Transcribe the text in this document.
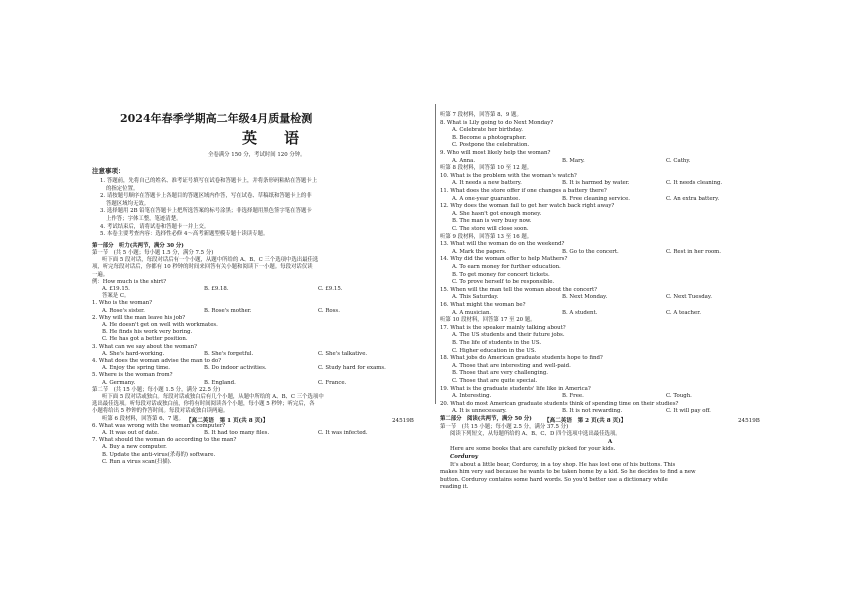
2024年春季学期高二年级4月质量检测
英　语
全卷满分 150 分，考试时间 120 分钟。
注意事项：
1. 答题前，先将自己的姓名、准考证号填写在试卷和答题卡上，并将条形码粘贴在答题卡上
的指定位置。
2. 请按题号顺序在答题卡上各题目的答题区域内作答，写在试卷、草稿纸和答题卡上的非
答题区域均无效。
3. 选择题用 2B 铅笔在答题卡上把所选答案的标号涂黑；非选择题用黑色签字笔在答题卡
上作答；字体工整，笔迹清楚。
4. 考试结束后，请将试卷和答题卡一并上交。
5. 本卷主要考查内容：选择性必修 4～高考新题型模专题十读读专题。
第一部分　听力(共两节，满分 30 分)
第一节　(共 5 小题；每小题 1.5 分，满分 7.5 分)
听下面 5 段对话，每段对话后有一个小题，从题中所给的 A、B、C 三个选项中选出最佳选
项，听完每段对话后，你都有 10 秒钟的时间来回答有关小题和阅读下一小题。每段对话仅读
一遍。
例：How much is the shirt?
A. £19.15.	B. £9.18.	C. £9.15.
答案是 C。
1. Who is the woman?
A. Rose's sister.	B. Rose's mother.	C. Ross.
2. Why will the man leave his job?
A. He doesn't get on well with workmates.
B. He finds his work very boring.
C. He has got a better position.
3. What can we say about the woman?
A. She's hard-working.	B. She's forgetful.	C. She's talkative.
4. What does the woman advise the man to do?
A. Enjoy the spring time.	B. Do indoor activities.	C. Study hard for exams.
5. Where is the woman from?
A. Germany.	B. England.	C. France.
第二节　(共 15 小题；每小题 1.5 分，满分 22.5 分)
听下面 5 段对话或独白。每段对话或独白后有几个小题，从题中所给的 A、B、C 三个选项中
选出最佳选项。听每段对话或独白前，你将有时间阅读各个小题，每小题 5 秒钟；听完后，各
小题将给出 5 秒钟的作答时间。每段对话或独白读两遍。
听第 6 段材料，回答第 6、7 题。
6. What was wrong with the woman's computer?
A. It was out of date.	B. It had too many files.	C. It was infected.
7. What should the woman do according to the man?
A. Buy a new computer.
B. Update the anti-virus(杀毒的) software.
C. Run a virus scan(扫描).
【高二英语　第 1 页(共 8 页)】	24519B
听第 7 段材料，回答第 8、9 题。
8. What is Lily going to do Next Monday?
A. Celebrate her birthday.
B. Become a photographer.
C. Postpone the celebration.
9. Who will most likely help the woman?
A. Anna.	B. Mary.	C. Cathy.
听第 8 段材料，回答第 10 至 12 题。
10. What is the problem with the woman's watch?
A. It needs a new battery.	B. It is harmed by water.	C. It needs cleaning.
11. What does the store offer if one changes a battery there?
A. A one-year guarantee.	B. Free cleaning service.	C. An extra battery.
12. Why does the woman fail to get her watch back right away?
A. She hasn't got enough money.
B. The man is very busy now.
C. The store will close soon.
听第 9 段材料，回答第 13 至 16 题。
13. What will the woman do on the weekend?
A. Mark the papers.	B. Go to the concert.	C. Rest in her room.
14. Why did the woman offer to help Mathers?
A. To earn money for further education.
B. To get money for concert tickets.
C. To prove herself to be responsible.
15. When will the man tell the woman about the concert?
A. This Saturday.	B. Next Monday.	C. Next Tuesday.
16. What might the woman be?
A. A musician.	B. A student.	C. A teacher.
听第 10 段材料，回答第 17 至 20 题。
17. What is the speaker mainly talking about?
A. The US students and their future jobs.
B. The life of students in the US.
C. Higher education in the US.
18. What jobs do American graduate students hope to find?
A. Those that are interesting and well-paid.
B. Those that are very challenging.
C. Those that are quite special.
19. What is the graduate students' life like in America?
A. Interesting.	B. Free.	C. Tough.
20. What do most American graduate students think of spending time on their studies?
A. It is unnecessary.	B. It is not rewarding.	C. It will pay off.
第二部分　阅读(共两节，满分 50 分)
第一节　(共 15 小题；每小题 2.5 分，满分 37.5 分)
阅读下列短文，从每题所给的 A、B、C、D 四个选项中选出最佳选项。
A
Here are some books that are carefully picked for your kids.
Corduroy
It's about a little bear, Corduroy, in a toy shop. He has lost one of his buttons. This
makes him very sad because he wants to be taken home by a kid. So he decides to find a new
button. Corduroy contains some hard words. So you'd better use a dictionary while
reading it.
【高二英语　第 2 页(共 8 页)】	24519B
